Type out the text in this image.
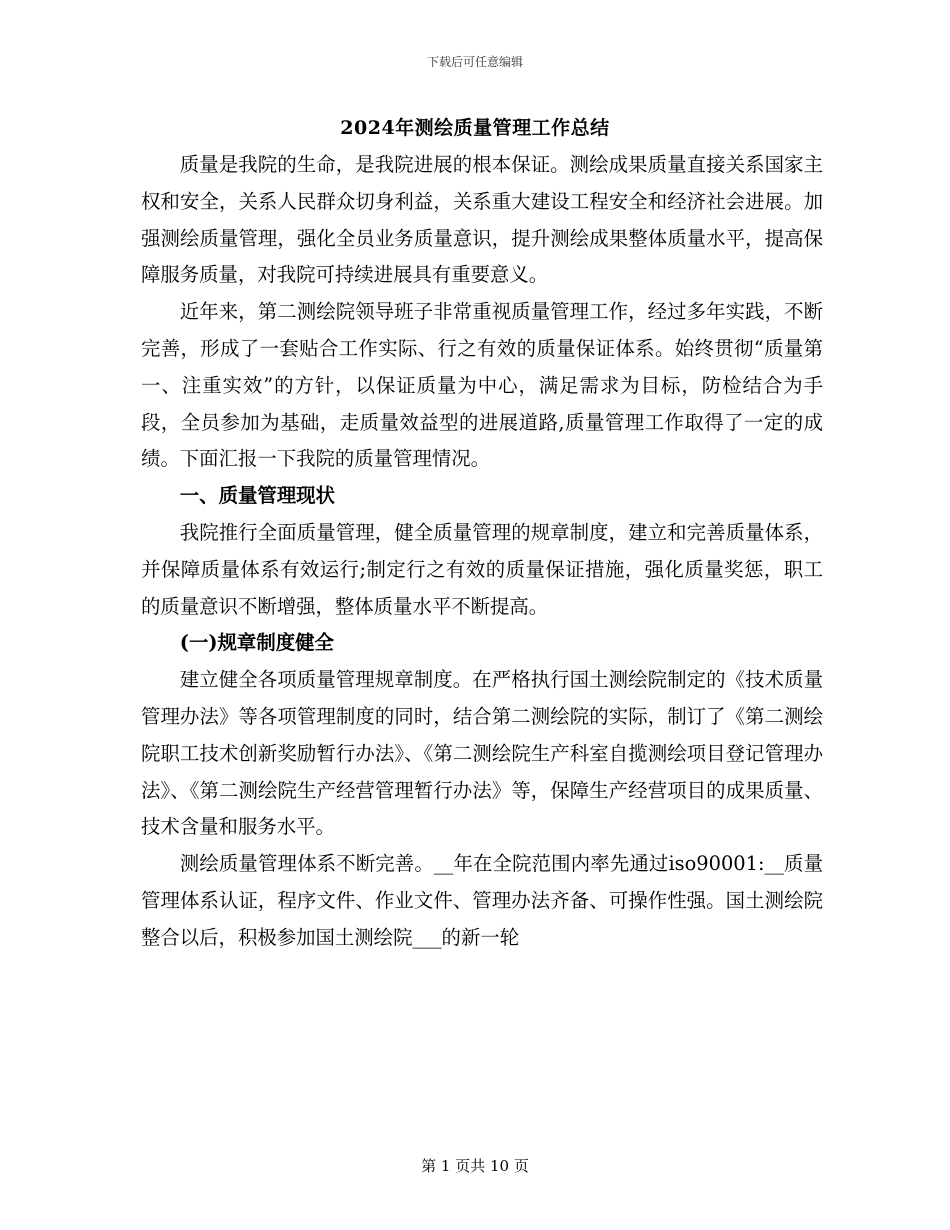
下载后可任意编辑
2024年测绘质量管理工作总结

质量是我院的生命，是我院进展的根本保证。测绘成果质量直接关系国家主权和安全，关系人民群众切身利益，关系重大建设工程安全和经济社会进展。加强测绘质量管理，强化全员业务质量意识，提升测绘成果整体质量水平，提高保障服务质量，对我院可持续进展具有重要意义。

近年来，第二测绘院领导班子非常重视质量管理工作，经过多年实践，不断完善，形成了一套贴合工作实际、行之有效的质量保证体系。始终贯彻“质量第一、注重实效”的方针，以保证质量为中心，满足需求为目标，防检结合为手段，全员参加为基础，走质量效益型的进展道路,质量管理工作取得了一定的成绩。下面汇报一下我院的质量管理情况。

一、质量管理现状

我院推行全面质量管理，健全质量管理的规章制度，建立和完善质量体系，并保障质量体系有效运行;制定行之有效的质量保证措施，强化质量奖惩，职工的质量意识不断增强，整体质量水平不断提高。

(一)规章制度健全

建立健全各项质量管理规章制度。在严格执行国土测绘院制定的《技术质量管理办法》等各项管理制度的同时，结合第二测绘院的实际，制订了《第二测绘院职工技术创新奖励暂行办法》、《第二测绘院生产科室自揽测绘项目登记管理办法》、《第二测绘院生产经营管理暂行办法》等，保障生产经营项目的成果质量、技术含量和服务水平。

测绘质量管理体系不断完善。__年在全院范围内率先通过iso90001:__质量管理体系认证，程序文件、作业文件、管理办法齐备、可操作性强。国土测绘院整合以后，积极参加国土测绘院___的新一轮

第 1 页共 10 页
